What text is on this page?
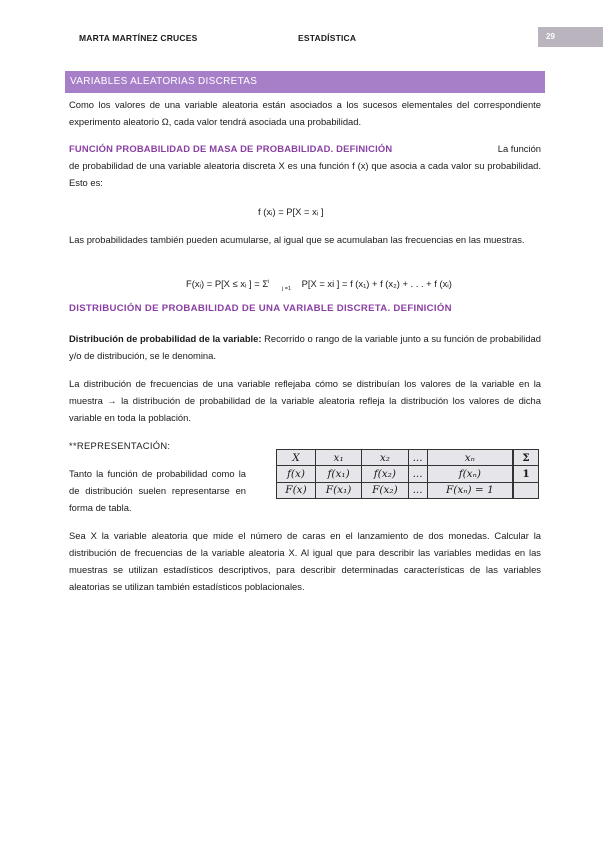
MARTA MARTÍNEZ CRUCES	ESTADÍSTICA	29
VARIABLES ALEATORIAS DISCRETAS
Como los valores de una variable aleatoria están asociados a los sucesos elementales del correspondiente experimento aleatorio Ω, cada valor tendrá asociada una probabilidad.
FUNCIÓN PROBABILIDAD DE MASA DE PROBABILIDAD. DEFINICIÓN	La función

de probabilidad de una variable aleatoria discreta X es una función f (x) que asocia a cada valor su probabilidad. Esto es:
f (xᵢ) = P[X = xᵢ ]
Las probabilidades también pueden acumularse, al igual que se acumulaban las frecuencias en las muestras.
F(xᵢ) = P[X ≤ xᵢ ] = $\Sigma^i$ $_{j =1}$ P[X = xi ] = f (x₁) + f (x₂) + . . . + f (xᵢ)
DISTRIBUCIÓN DE PROBABILIDAD DE UNA VARIABLE DISCRETA. DEFINICIÓN
Distribución de probabilidad de la variable: Recorrido o rango de la variable junto a su función de probabilidad y/o de distribución, se le denomina.
La distribución de frecuencias de una variable reflejaba cómo se distribuían los valores de la variable en la muestra → la distribución de probabilidad de la variable aleatoria refleja la distribución los valores de dicha variable en toda la población.
**REPRESENTACIÓN:
Tanto la función de probabilidad como la de distribución suelen representarse en forma de tabla.
X	x₁	x₂	...	xₙ	Σ
f(x)	f(x₁)	f(x₂)	...	f(xₙ)	1
F(x)	F(x₁)	F(x₂)	...	F(xₙ) = 1	
Sea X la variable aleatoria que mide el número de caras en el lanzamiento de dos monedas. Calcular la distribución de frecuencias de la variable aleatoria X. Al igual que para describir las variables medidas en las muestras se utilizan estadísticos descriptivos, para describir determinadas características de las variables aleatorias se utilizan también estadísticos poblacionales.
